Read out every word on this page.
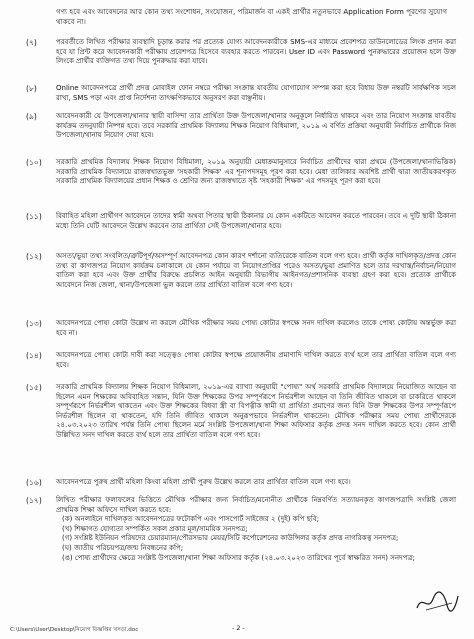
গণ্য হবে এবং আবেদনের আর কোন তথ্য সংশোধন, সংযোজন, পরিমার্জন বা একই প্রার্থীর নতুনভাবে Application Form পূরণের সুযোগ থাকবে না।
(৭)	পরবর্তীতে লিখিত পরীক্ষার ব্যবস্থাদি চূড়ান্ত করার পর প্রত্যেক যোগ্য আবেদনকারীকে SMS-এর মাধ্যমে প্রবেশপত্র ডাউনলোডের লিংক প্রদান করা হবে যা প্রিন্ট করে আবেদনকারী পরীক্ষায় প্রবেশপত্র হিসেবে ব্যবহার করতে পারবেন। User ID এবং Password পুনরুদ্ধারের প্রয়োজন হলে উক্ত লিংকে প্রার্থীর ব্যক্তিগত তথ্য দিয়ে পুনরুদ্ধার করা যাবে।
(৮)	Online আবেদনপত্রে প্রার্থী প্রদত্ত মোবাইল ফোন নম্বরে পরীক্ষা সংক্রান্ত যাবতীয় যোগাযোগ সম্পন্ন করা হবে বিধায় উক্ত নম্বরটি সার্বক্ষণিক সচল রাখা, SMS পড়া এবং প্রাপ্ত নির্দেশনা তাৎক্ষণিকভাবে অনুসরণ করা বাঞ্ছনীয়।
(৯)	আবেদনকারী যে উপজেলা/থানার স্থায়ী বাসিন্দা তার প্রার্থিতা উক্ত উপজেলা/থানার অনুকূলে নির্ধারিত থাকবে এবং তার নিয়োগ সংক্রান্ত যাবতীয় কার্যক্রম তদনুযায়ী নিষ্পন্ন হবে। তবে সরকারি প্রাথমিক বিদ্যালয় শিক্ষক নিয়োগ বিধিমালা, ২০১৯ এ বর্ণিত প্রক্রিয়া অনুযায়ী নির্বাচিত প্রার্থীকে নিজ উপজেলা/থানায় নিয়োগ দেয়া হবে।
(১০)	সরকারি প্রাথমিক বিদ্যালয় শিক্ষক নিয়োগ বিধিমালা, ২০১৯ অনুযায়ী মেধাক্রমানুসারে নির্বাচিত প্রার্থীদের দ্বারা প্রথমে (উপজেলা/থানাভিত্তিক) সরকারি প্রাথমিক বিদ্যালয়ে রাজস্বখাতভুক্ত 'সহকারী শিক্ষক' এর শূন্যপদসমূহ পূরণ করা হবে। মেধা তালিকার অবশিষ্ট প্রার্থী দ্বারা জাতীয়করণকৃত সরকারি প্রাথমিক বিদ্যালয়ের প্রধান শিক্ষক ও শ্রেণির জন্য রাজস্বখাতে সৃষ্ট 'সহকারী শিক্ষক' এর পদসমূহ পূরণ করা হবে।
(১১)	বিবাহিত মহিলা প্রার্থীগণ আবেদনে তাদের স্বামী অথবা পিতার স্থায়ী ঠিকানার যে কোন একটিতে আবেদন করতে পারবেন। তবে এ দুটি স্থায়ী ঠিকানা মধ্যে তিনি যেটি আবেদনে উল্লেখ করবেন তার প্রার্থিতা সেই উপজেলা/থানার হবে।
(১২)	অসত্য/ভুয়া তথ্য সংবলিত/ত্রুটিপূর্ণ/অসম্পূর্ণ আবেদনপত্র কোন কারণ দর্শানো ব্যতিরেকে বাতিল বলে গণ্য হবে। প্রার্থী কর্তৃক দাখিলকৃত/প্রদত্ত কোন তথ্য বা কাগজপত্র নিয়োগ কার্যক্রম চলাকালে যে কোন পর্যায়ে বা নিয়োগপ্রাপ্তির পরেও অসত্য/ভুয়া প্রমাণিত হলে তার দরখাস্ত/নির্বাচন/নিয়োগ বাতিল করা হবে এবং উক্ত প্রার্থীর বিরুদ্ধে প্রচলিত আইন অনুযায়ী বিভাগীয় আইনগত/প্রশাসনিক ব্যবস্থা গ্রহণ করা হবে। প্রত্যেক প্রার্থীকে আবেদনে নিজ জেলা, থানা/উপজেলা ভুল করলে তার প্রার্থিতা বাতিল বলে গণ্য হবে।
(১৩)	আবেদনপত্রে পোষ্য কোটা উল্লেখ না করলে মৌখিক পরীক্ষার সময় পোষ্য কোটার স্বপক্ষে সনদ দাখিল করলেও তাকে পোষ্য কোটায় অন্তর্ভুক্ত করা হবে না।
(১৪)	আবেদনপত্রে পোষ্য কোটা দাবী করা সত্ত্বেও পোষ্য কোটার স্বপক্ষে প্রয়োজনীয় প্রমাণাদি দাখিল করতে ব্যর্থ হলে তার প্রার্থিতা বাতিল বলে গণ্য হবে।
(১৫)	সরকারি প্রাথমিক বিদ্যালয় শিক্ষক নিয়োগ বিধিমালা, ২০১৯-এর ব্যাখ্যা অনুযায়ী "পোষ্য" অর্থ সরকারি প্রাথমিক বিদ্যালয়ে নিয়োজিত আছেন বা ছিলেন এমন শিক্ষকের অবিবাহিত সন্তান, যিনি উক্ত শিক্ষকের উপর সম্পূর্ণরূপে নির্ভরশীল আছেন বা তিনি জীবিত থাকলে বা চাকরিতে থাকলে সম্পূর্ণরূপে নির্ভরশীল থাকতেন এবং উক্ত শিক্ষকের বিধবা স্ত্রী বা বিপত্নীক স্বামী যা প্রার্থিতা প্রমাণের জন্য যিনি উক্ত শিক্ষকের উপর সম্পূর্ণরূপে নির্ভরশীল ছিলেন বা থাকতেন, যদি তিনি জীবিত থাকলে অনুরূপভাবে নির্ভরশীল থাকতেন। মৌখিক পরীক্ষার সময় পোষ্য প্রার্থীদেরকে ২৪.০৩.২০২৩ তারিখ পর্যন্ত তিনি পোষ্য ছিলেন মর্মে সংশ্লিষ্ট উপজেলা/থানা শিক্ষা অফিসার কর্তৃক প্রদত্ত সনদ দাখিল করতে হবে। কোন প্রার্থী উল্লিখিত সনদ দাখিল করতে ব্যর্থ হলে তার প্রার্থিতা বাতিল বলে গণ্য হবে।
(১৬)	আবেদনপত্রে পুরুষ প্রার্থী মহিলা কিংবা মহিলা প্রার্থী পুরুষ উল্লেখ করলে তার প্রার্থিতা বাতিল বলে গণ্য হবে।
(১৭)	লিখিত পরীক্ষার ফলাফলের ভিত্তিতে মৌখিক পরীক্ষার জন্য নির্বাচিত/মনোনীত প্রার্থীকে নিম্নবর্ণিত সত্যায়নকৃত কাগজপত্রাদি সংশ্লিষ্ট জেলা প্রাথমিক শিক্ষা অফিসে দাখিল করতে হবে:
(ক) অনলাইনে দাখিলকৃত আবেদনপত্রের ফটোকপি এবং পাসপোর্ট সাইজের ২ (দুই) কপি ছবি;
(খ) শিক্ষাগত যোগ্যতা সম্পর্কিত সকল প্রকার মূল/সাময়িক সনদপত্র;
(গ) সংশ্লিষ্ট ইউনিয়ন পরিষদের চেয়ারম্যান/পৌরসভার মেয়র/সিটি কর্পোরেশনের কাউন্সিলর কর্তৃক প্রদত্ত নাগরিকত্ব সনদপত্র;
(ঘ) জাতীয় পরিচয়পত্র/জন্ম নিবন্ধনের কপি;
(ঙ) পোষ্য প্রার্থীদের ক্ষেত্রে সংশ্লিষ্ট উপজেলা/থানা শিক্ষা অফিসার কর্তৃক (২৪.০৩.২০২৩ তারিখের পূর্বে স্বাক্ষরিত সনদ) সনদপত্র;
C:\Users\User\Desktop\নিয়োগ বিজ্ঞপ্তির খসড়া.doc	- 2 -
